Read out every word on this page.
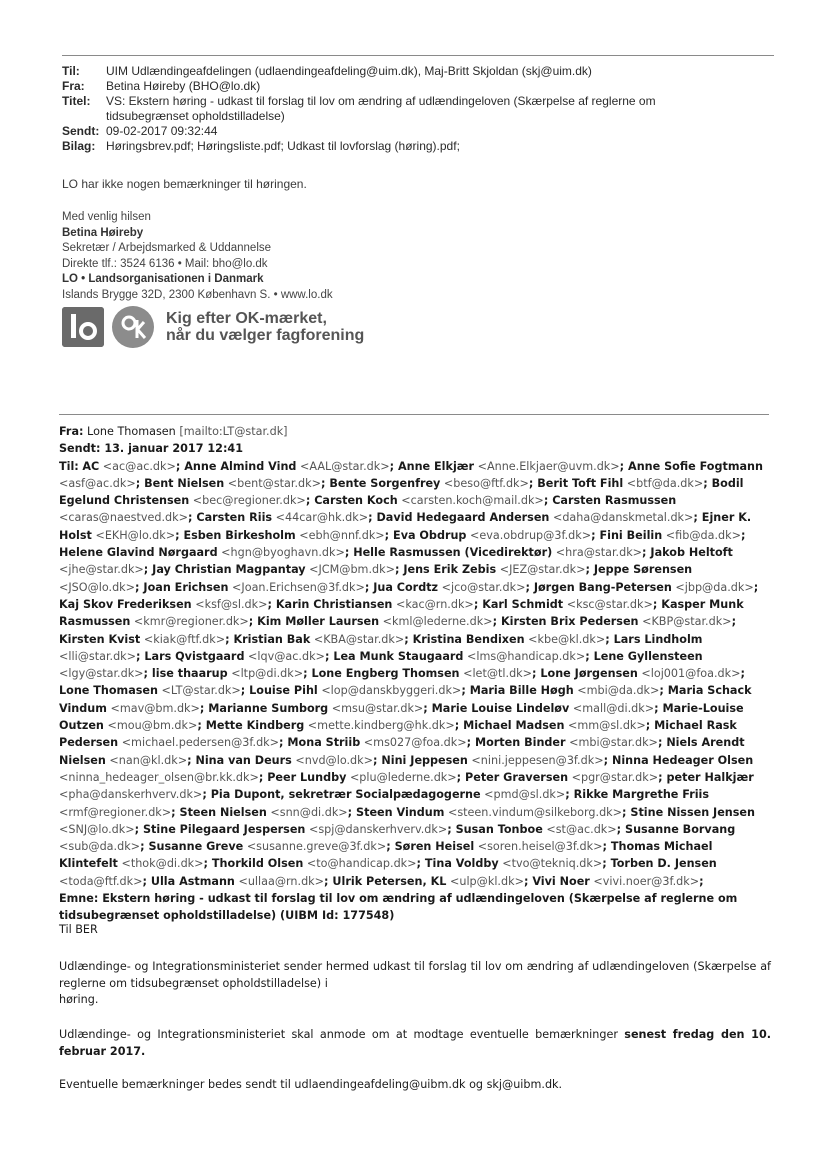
Til:	UIM Udlændingeafdelingen (udlaendingeafdeling@uim.dk), Maj-Britt Skjoldan (skj@uim.dk)
Fra:	Betina Høireby (BHO@lo.dk)
Titel:	VS: Ekstern høring - udkast til forslag til lov om ændring af udlændingeloven (Skærpelse af reglerne om tidsubegrænset opholdstilladelse)
Sendt: 09-02-2017 09:32:44
Bilag: Høringsbrev.pdf; Høringsliste.pdf; Udkast til lovforslag (høring).pdf;
LO har ikke nogen bemærkninger til høringen.
Med venlig hilsen
Betina Høireby
Sekretær / Arbejdsmarked & Uddannelse
Direkte tlf.: 3524 6136 • Mail: bho@lo.dk
LO • Landsorganisationen i Danmark
Islands Brygge 32D, 2300 København S. • www.lo.dk
Kig efter OK-mærket,
når du vælger fagforening
Fra: Lone Thomasen [mailto:LT@star.dk]
Sendt: 13. januar 2017 12:41
Til: AC <ac@ac.dk>; Anne Almind Vind <AAL@star.dk>; Anne Elkjær <Anne.Elkjaer@uvm.dk>; Anne Sofie Fogtmann <asf@ac.dk>; Bent Nielsen <bent@star.dk>; Bente Sorgenfrey <beso@ftf.dk>; Berit Toft Fihl <btf@da.dk>; Bodil Egelund Christensen <bec@regioner.dk>; Carsten Koch <carsten.koch@mail.dk>; Carsten Rasmussen <caras@naestved.dk>; Carsten Riis <44car@hk.dk>; David Hedegaard Andersen <daha@danskmetal.dk>; Ejner K. Holst <EKH@lo.dk>; Esben Birkesholm <ebh@nnf.dk>; Eva Obdrup <eva.obdrup@3f.dk>; Fini Beilin <fib@da.dk>; Helene Glavind Nørgaard <hgn@byoghavn.dk>; Helle Rasmussen (Vicedirektør) <hra@star.dk>; Jakob Heltoft <jhe@star.dk>; Jay Christian Magpantay <JCM@bm.dk>; Jens Erik Zebis <JEZ@star.dk>; Jeppe Sørensen <JSO@lo.dk>; Joan Erichsen <Joan.Erichsen@3f.dk>; Jua Cordtz <jco@star.dk>; Jørgen Bang-Petersen <jbp@da.dk>; Kaj Skov Frederiksen <ksf@sl.dk>; Karin Christiansen <kac@rn.dk>; Karl Schmidt <ksc@star.dk>; Kasper Munk Rasmussen <kmr@regioner.dk>; Kim Møller Laursen <kml@lederne.dk>; Kirsten Brix Pedersen <KBP@star.dk>; Kirsten Kvist <kiak@ftf.dk>; Kristian Bak <KBA@star.dk>; Kristina Bendixen <kbe@kl.dk>; Lars Lindholm <lli@star.dk>; Lars Qvistgaard <lqv@ac.dk>; Lea Munk Staugaard <lms@handicap.dk>; Lene Gyllensteen <lgy@star.dk>; lise thaarup <ltp@di.dk>; Lone Engberg Thomsen <let@tl.dk>; Lone Jørgensen <loj001@foa.dk>; Lone Thomasen <LT@star.dk>; Louise Pihl <lop@danskbyggeri.dk>; Maria Bille Høgh <mbi@da.dk>; Maria Schack Vindum <mav@bm.dk>; Marianne Sumborg <msu@star.dk>; Marie Louise Lindeløv <mall@di.dk>; Marie-Louise Outzen <mou@bm.dk>; Mette Kindberg <mette.kindberg@hk.dk>; Michael Madsen <mm@sl.dk>; Michael Rask Pedersen <michael.pedersen@3f.dk>; Mona Striib <ms027@foa.dk>; Morten Binder <mbi@star.dk>; Niels Arendt Nielsen <nan@kl.dk>; Nina van Deurs <nvd@lo.dk>; Nini Jeppesen <nini.jeppesen@3f.dk>; Ninna Hedeager Olsen <ninna_hedeager_olsen@br.kk.dk>; Peer Lundby <plu@lederne.dk>; Peter Graversen <pgr@star.dk>; peter Halkjær <pha@danskerhverv.dk>; Pia Dupont, sekretrær Socialpædagogerne <pmd@sl.dk>; Rikke Margrethe Friis <rmf@regioner.dk>; Steen Nielsen <snn@di.dk>; Steen Vindum <steen.vindum@silkeborg.dk>; Stine Nissen Jensen <SNJ@lo.dk>; Stine Pilegaard Jespersen <spj@danskerhverv.dk>; Susan Tonboe <st@ac.dk>; Susanne Borvang <sub@da.dk>; Susanne Greve <susanne.greve@3f.dk>; Søren Heisel <soren.heisel@3f.dk>; Thomas Michael Klintefelt <thok@di.dk>; Thorkild Olsen <to@handicap.dk>; Tina Voldby <tvo@tekniq.dk>; Torben D. Jensen <toda@ftf.dk>; Ulla Astmann <ullaa@rn.dk>; Ulrik Petersen, KL <ulp@kl.dk>; Vivi Noer <vivi.noer@3f.dk>;
Emne: Ekstern høring - udkast til forslag til lov om ændring af udlændingeloven (Skærpelse af reglerne om tidsubegrænset opholdstilladelse) (UIBM Id: 177548)
Til BER
Udlændinge- og Integrationsministeriet sender hermed udkast til forslag til lov om ændring af udlændingeloven (Skærpelse af reglerne om tidsubegrænset opholdstilladelse) i
høring.
Udlændinge- og Integrationsministeriet skal anmode om at modtage eventuelle bemærkninger senest fredag den 10. februar 2017.
Eventuelle bemærkninger bedes sendt til udlaendingeafdeling@uibm.dk og skj@uibm.dk.
